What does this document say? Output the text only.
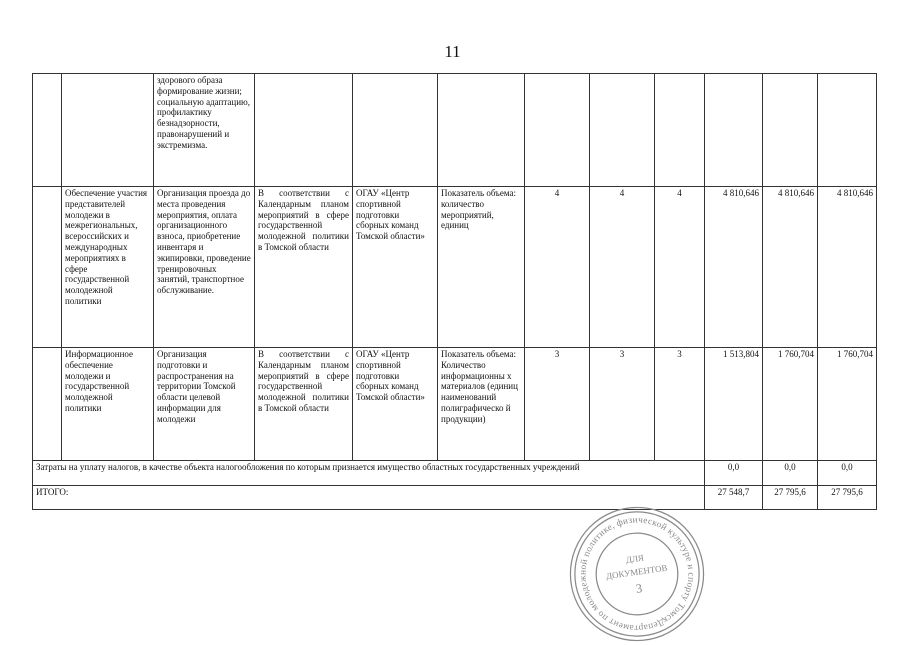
11
		здорового образа формирование жизни; социальную адаптацию, профилактику безнадзорности, правонарушений и экстремизма.									
	Обеспечение участия представителей молодежи в межрегиональных, всероссийских и международных мероприятиях в сфере государственной молодежной политики	Организация проезда до места проведения мероприятия, оплата организационного взноса, приобретение инвентаря и экипировки, проведение тренировочных занятий, транспортное обслуживание.	В соответствии с Календарным планом мероприятий в сфере государственной молодежной политики в Томской области	ОГАУ «Центр спортивной подготовки сборных команд Томской области»	Показатель объема: количество мероприятий, единиц	4	4	4	4 810,646	4 810,646	4 810,646
	Информационное обеспечение молодежи и государственной молодежной политики	Организация подготовки и распространения на территории Томской области целевой информации для молодежи	В соответствии с Календарным планом мероприятий в сфере государственной молодежной политики в Томской области	ОГАУ «Центр спортивной подготовки сборных команд Томской области»	Показатель объема: Количество информационны х материалов (единиц наименований полиграфическо й продукции)	3	3	3	1 513,804	1 760,704	1 760,704
Затраты на уплату налогов, в качестве объекта налогообложения по которым признается имущество областных государственных учреждений									0,0	0,0	0,0
ИТОГО:									27 548,7	27 795,6	27 795,6
Департамент по молодежной политике, физической культуре и спорту Томской
ДЛЯ
ДОКУМЕНТОВ
3
